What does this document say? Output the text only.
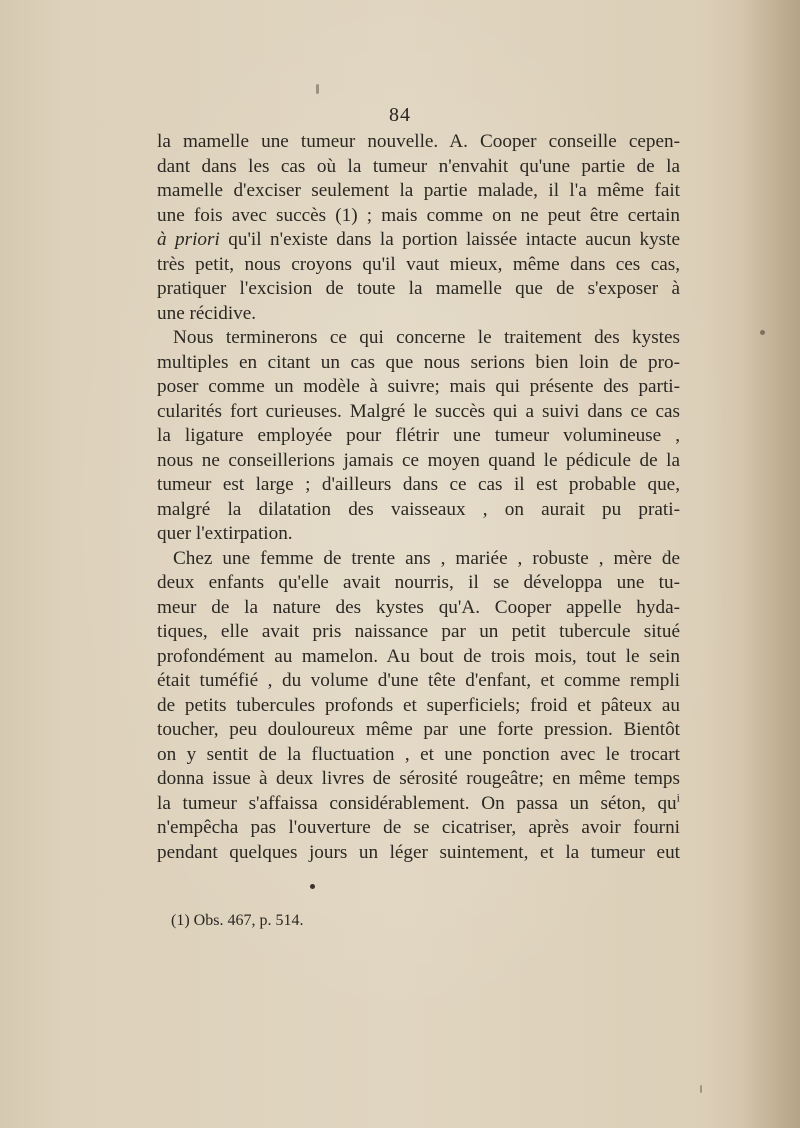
84
la mamelle une tumeur nouvelle. A. Cooper conseille cepen-
dant dans les cas où la tumeur n'envahit qu'une partie de la
mamelle d'exciser seulement la partie malade, il l'a même fait
une fois avec succès (1) ; mais comme on ne peut être certain
à priori qu'il n'existe dans la portion laissée intacte aucun kyste
très petit, nous croyons qu'il vaut mieux, même dans ces cas,
pratiquer l'excision de toute la mamelle que de s'exposer à
une récidive.
Nous terminerons ce qui concerne le traitement des kystes
multiples en citant un cas que nous serions bien loin de pro-
poser comme un modèle à suivre; mais qui présente des parti-
cularités fort curieuses. Malgré le succès qui a suivi dans ce cas
la ligature employée pour flétrir une tumeur volumineuse ,
nous ne conseillerions jamais ce moyen quand le pédicule de la
tumeur est large ; d'ailleurs dans ce cas il est probable que,
malgré la dilatation des vaisseaux , on aurait pu prati-
quer l'extirpation.
Chez une femme de trente ans , mariée , robuste , mère de
deux enfants qu'elle avait nourris, il se développa une tu-
meur de la nature des kystes qu'A. Cooper appelle hyda-
tiques, elle avait pris naissance par un petit tubercule situé
profondément au mamelon. Au bout de trois mois, tout le sein
était tuméfié , du volume d'une tête d'enfant, et comme rempli
de petits tubercules profonds et superficiels; froid et pâteux au
toucher, peu douloureux même par une forte pression. Bientôt
on y sentit de la fluctuation , et une ponction avec le trocart
donna issue à deux livres de sérosité rougeâtre; en même temps
la tumeur s'affaissa considérablement. On passa un séton, $qu^i$
n'empêcha pas l'ouverture de se cicatriser, après avoir fourni
pendant quelques jours un léger suintement, et la tumeur eut
(1) Obs. 467, p. 514.
